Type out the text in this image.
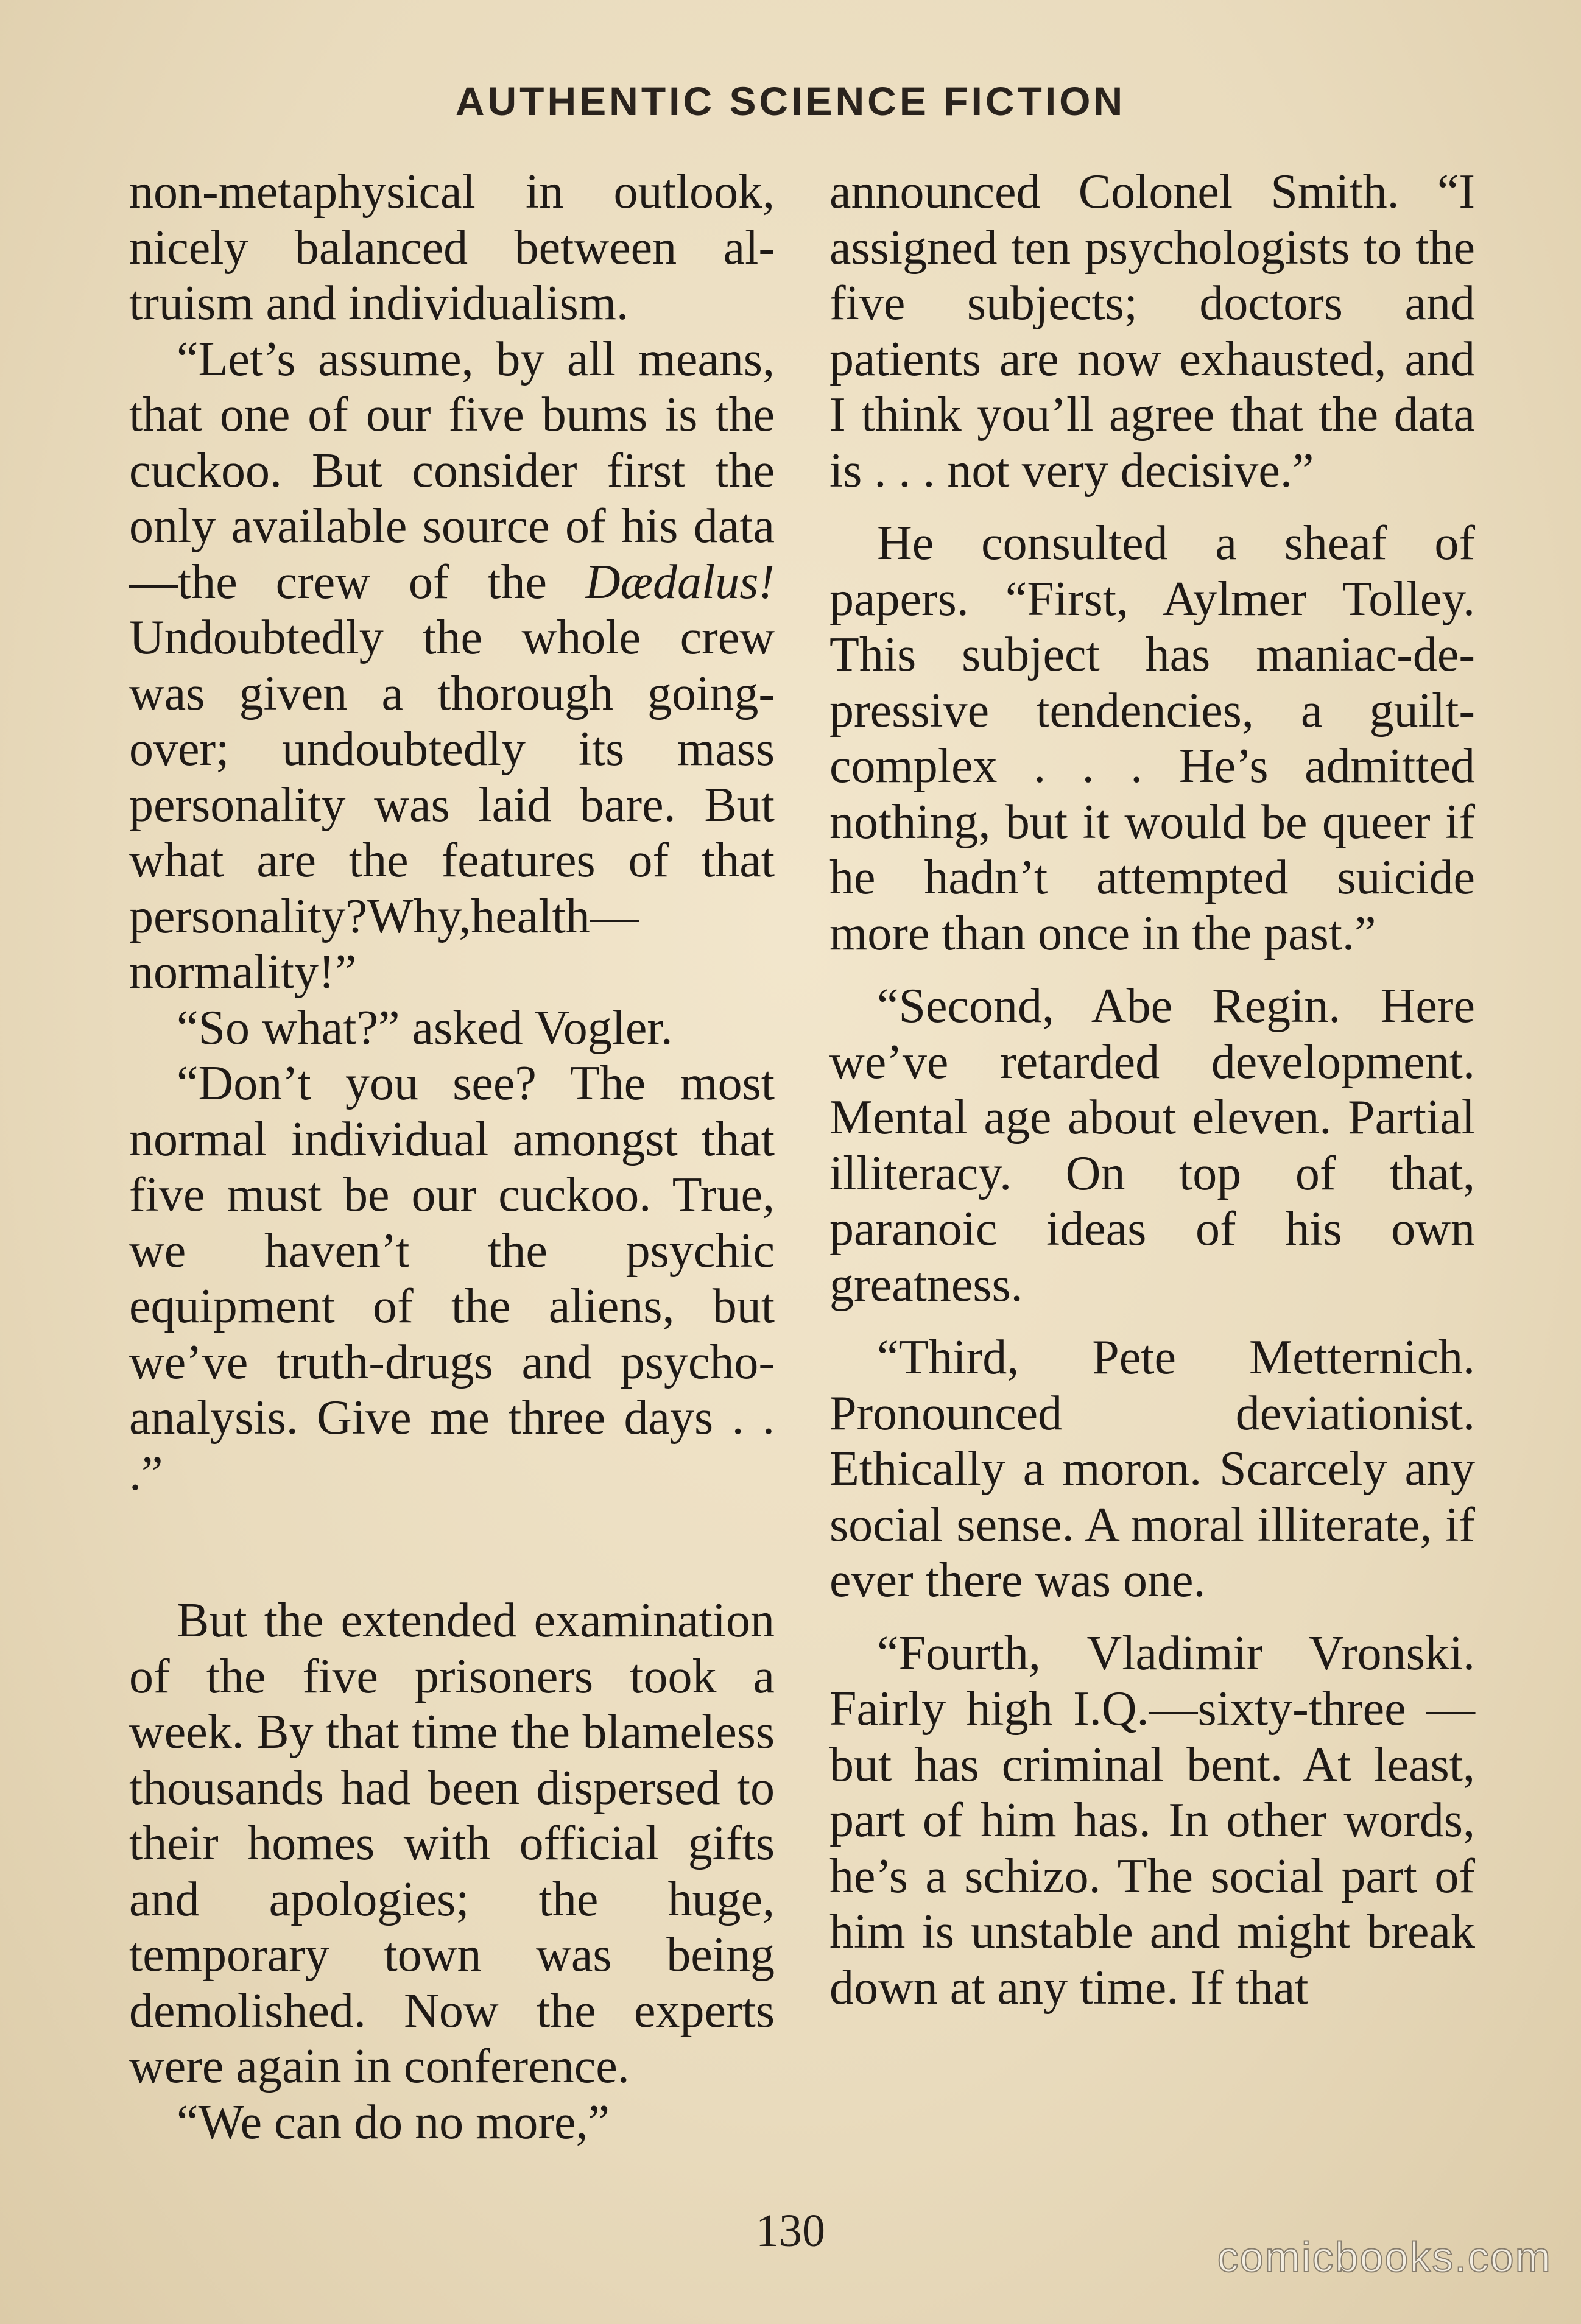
AUTHENTIC SCIENCE FICTION

non-metaphysical in outlook, nicely balanced between altruism and individualism.

“Let’s assume, by all means, that one of our five bums is the cuckoo. But consider first the only available source of his data—the crew of the Dædalus! Undoubtedly the whole crew was given a thorough going-over; undoubtedly its mass personality was laid bare. But what are the features of that personality?Why,health—normality!”

“So what?” asked Vogler.

“Don’t you see? The most normal individual amongst that five must be our cuckoo. True, we haven’t the psychic equipment of the aliens, but we’ve truth-drugs and psychoanalysis. Give me three days . . .”

But the extended examination of the five prisoners took a week. By that time the blameless thousands had been dispersed to their homes with official gifts and apologies; the huge, temporary town was being demolished. Now the experts were again in conference.

“We can do no more,”

announced Colonel Smith. “I assigned ten psychologists to the five subjects; doctors and patients are now exhausted, and I think you’ll agree that the data is . . . not very decisive.”

He consulted a sheaf of papers. “First, Aylmer Tolley. This subject has maniac-depressive tendencies, a guilt-complex . . . He’s admitted nothing, but it would be queer if he hadn’t attempted suicide more than once in the past.”

“Second, Abe Regin. Here we’ve retarded development. Mental age about eleven. Partial illiteracy. On top of that, paranoic ideas of his own greatness.

“Third, Pete Metternich. Pronounced deviationist. Ethically a moron. Scarcely any social sense. A moral illiterate, if ever there was one.

“Fourth, Vladimir Vronski. Fairly high I.Q.—sixty-three —but has criminal bent. At least, part of him has. In other words, he’s a schizo. The social part of him is unstable and might break down at any time. If that

130
comicbooks.com
